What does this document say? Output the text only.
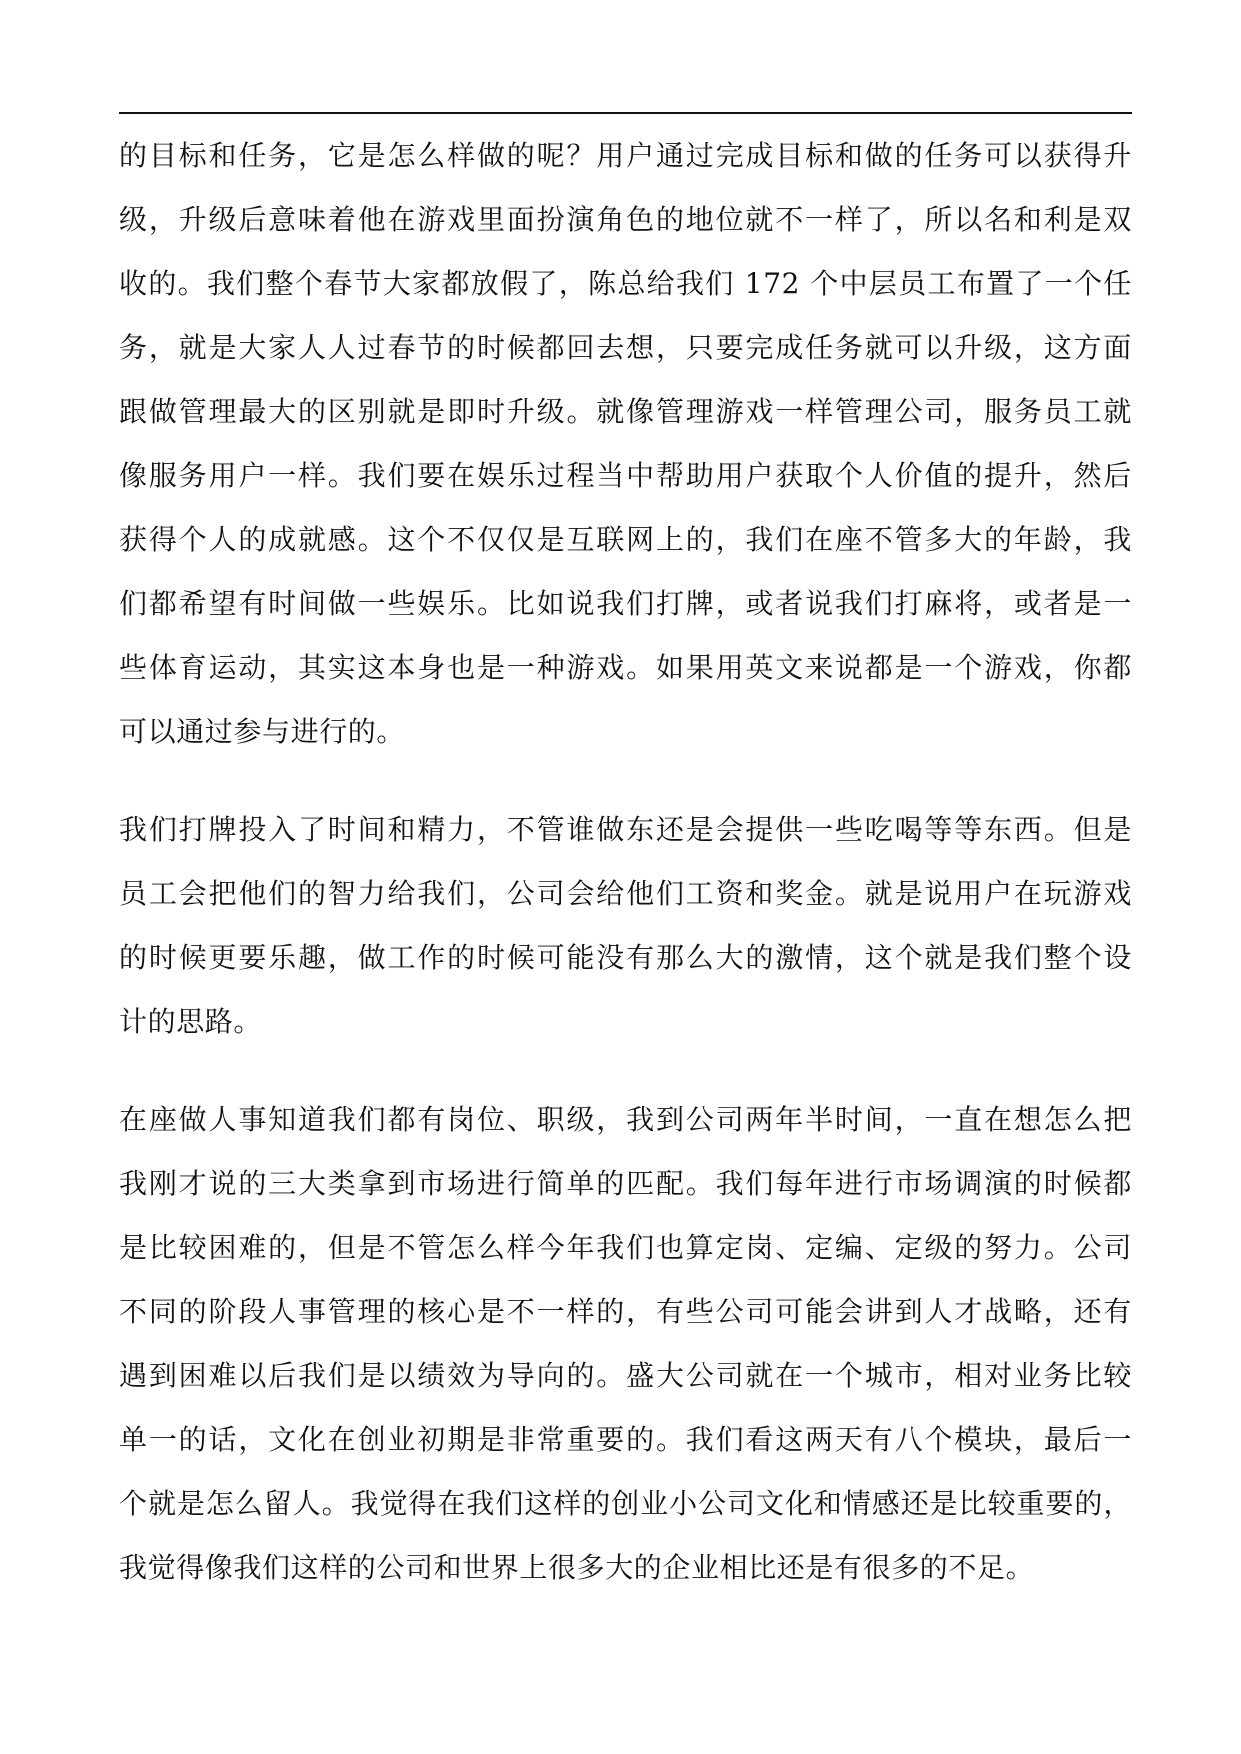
的目标和任务，它是怎么样做的呢？用户通过完成目标和做的任务可以获得升
级，升级后意味着他在游戏里面扮演角色的地位就不一样了，所以名和利是双
收的。我们整个春节大家都放假了，陈总给我们 172 个中层员工布置了一个任
务，就是大家人人过春节的时候都回去想，只要完成任务就可以升级，这方面
跟做管理最大的区别就是即时升级。就像管理游戏一样管理公司，服务员工就
像服务用户一样。我们要在娱乐过程当中帮助用户获取个人价值的提升，然后
获得个人的成就感。这个不仅仅是互联网上的，我们在座不管多大的年龄，我
们都希望有时间做一些娱乐。比如说我们打牌，或者说我们打麻将，或者是一
些体育运动，其实这本身也是一种游戏。如果用英文来说都是一个游戏，你都
可以通过参与进行的。
我们打牌投入了时间和精力，不管谁做东还是会提供一些吃喝等等东西。但是
员工会把他们的智力给我们，公司会给他们工资和奖金。就是说用户在玩游戏
的时候更要乐趣，做工作的时候可能没有那么大的激情，这个就是我们整个设
计的思路。
在座做人事知道我们都有岗位、职级，我到公司两年半时间，一直在想怎么把
我刚才说的三大类拿到市场进行简单的匹配。我们每年进行市场调演的时候都
是比较困难的，但是不管怎么样今年我们也算定岗、定编、定级的努力。公司
不同的阶段人事管理的核心是不一样的，有些公司可能会讲到人才战略，还有
遇到困难以后我们是以绩效为导向的。盛大公司就在一个城市，相对业务比较
单一的话，文化在创业初期是非常重要的。我们看这两天有八个模块，最后一
个就是怎么留人。我觉得在我们这样的创业小公司文化和情感还是比较重要的，
我觉得像我们这样的公司和世界上很多大的企业相比还是有很多的不足。
